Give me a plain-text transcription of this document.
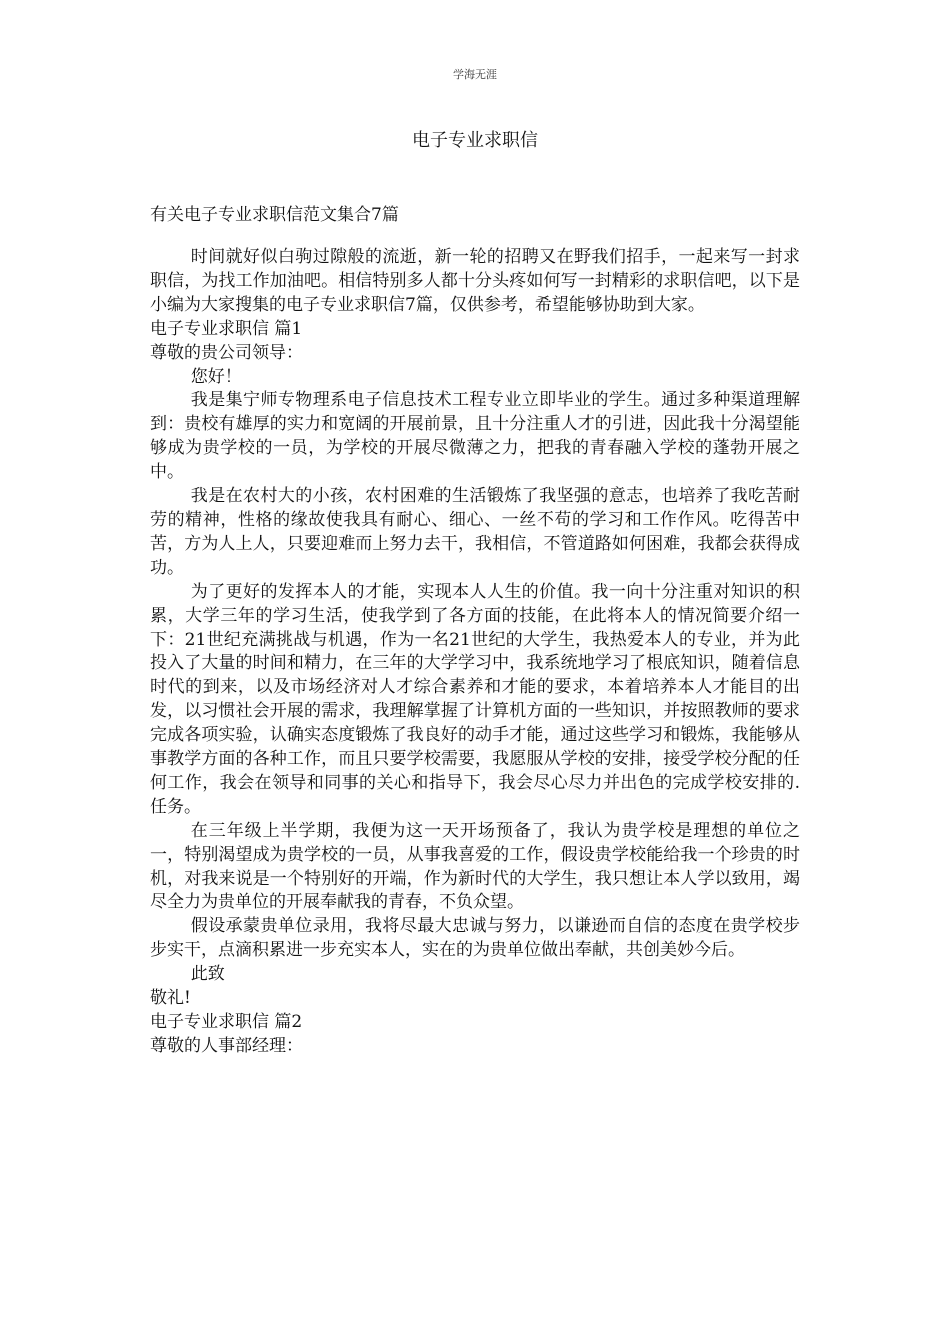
学海无涯
电子专业求职信
有关电子专业求职信范文集合7篇

时间就好似白驹过隙般的流逝，新一轮的招聘又在野我们招手，一起来写一封求职信，为找工作加油吧。相信特别多人都十分头疼如何写一封精彩的求职信吧，以下是小编为大家搜集的电子专业求职信7篇，仅供参考，希望能够协助到大家。

电子专业求职信 篇1

尊敬的贵公司领导：

您好！

我是集宁师专物理系电子信息技术工程专业立即毕业的学生。通过多种渠道理解到：贵校有雄厚的实力和宽阔的开展前景，且十分注重人才的引进，因此我十分渴望能够成为贵学校的一员，为学校的开展尽微薄之力，把我的青春融入学校的蓬勃开展之中。

我是在农村大的小孩，农村困难的生活锻炼了我坚强的意志，也培养了我吃苦耐劳的精神，性格的缘故使我具有耐心、细心、一丝不苟的学习和工作作风。吃得苦中苦，方为人上人，只要迎难而上努力去干，我相信，不管道路如何困难，我都会获得成功。

为了更好的发挥本人的才能，实现本人人生的价值。我一向十分注重对知识的积累，大学三年的学习生活，使我学到了各方面的技能，在此将本人的情况简要介绍一下：21世纪充满挑战与机遇，作为一名21世纪的大学生，我热爱本人的专业，并为此投入了大量的时间和精力，在三年的大学学习中，我系统地学习了根底知识，随着信息时代的到来，以及市场经济对人才综合素养和才能的要求，本着培养本人才能目的出发，以习惯社会开展的需求，我理解掌握了计算机方面的一些知识，并按照教师的要求完成各项实验，认确实态度锻炼了我良好的动手才能，通过这些学习和锻炼，我能够从事教学方面的各种工作，而且只要学校需要，我愿服从学校的安排，接受学校分配的任何工作，我会在领导和同事的关心和指导下，我会尽心尽力并出色的完成学校安排的.任务。

在三年级上半学期，我便为这一天开场预备了，我认为贵学校是理想的单位之一，特别渴望成为贵学校的一员，从事我喜爱的工作，假设贵学校能给我一个珍贵的时机，对我来说是一个特别好的开端，作为新时代的大学生，我只想让本人学以致用，竭尽全力为贵单位的开展奉献我的青春，不负众望。

假设承蒙贵单位录用，我将尽最大忠诚与努力，以谦逊而自信的态度在贵学校步步实干，点滴积累进一步充实本人，实在的为贵单位做出奉献，共创美妙今后。

此致

敬礼!

电子专业求职信 篇2

尊敬的人事部经理：
